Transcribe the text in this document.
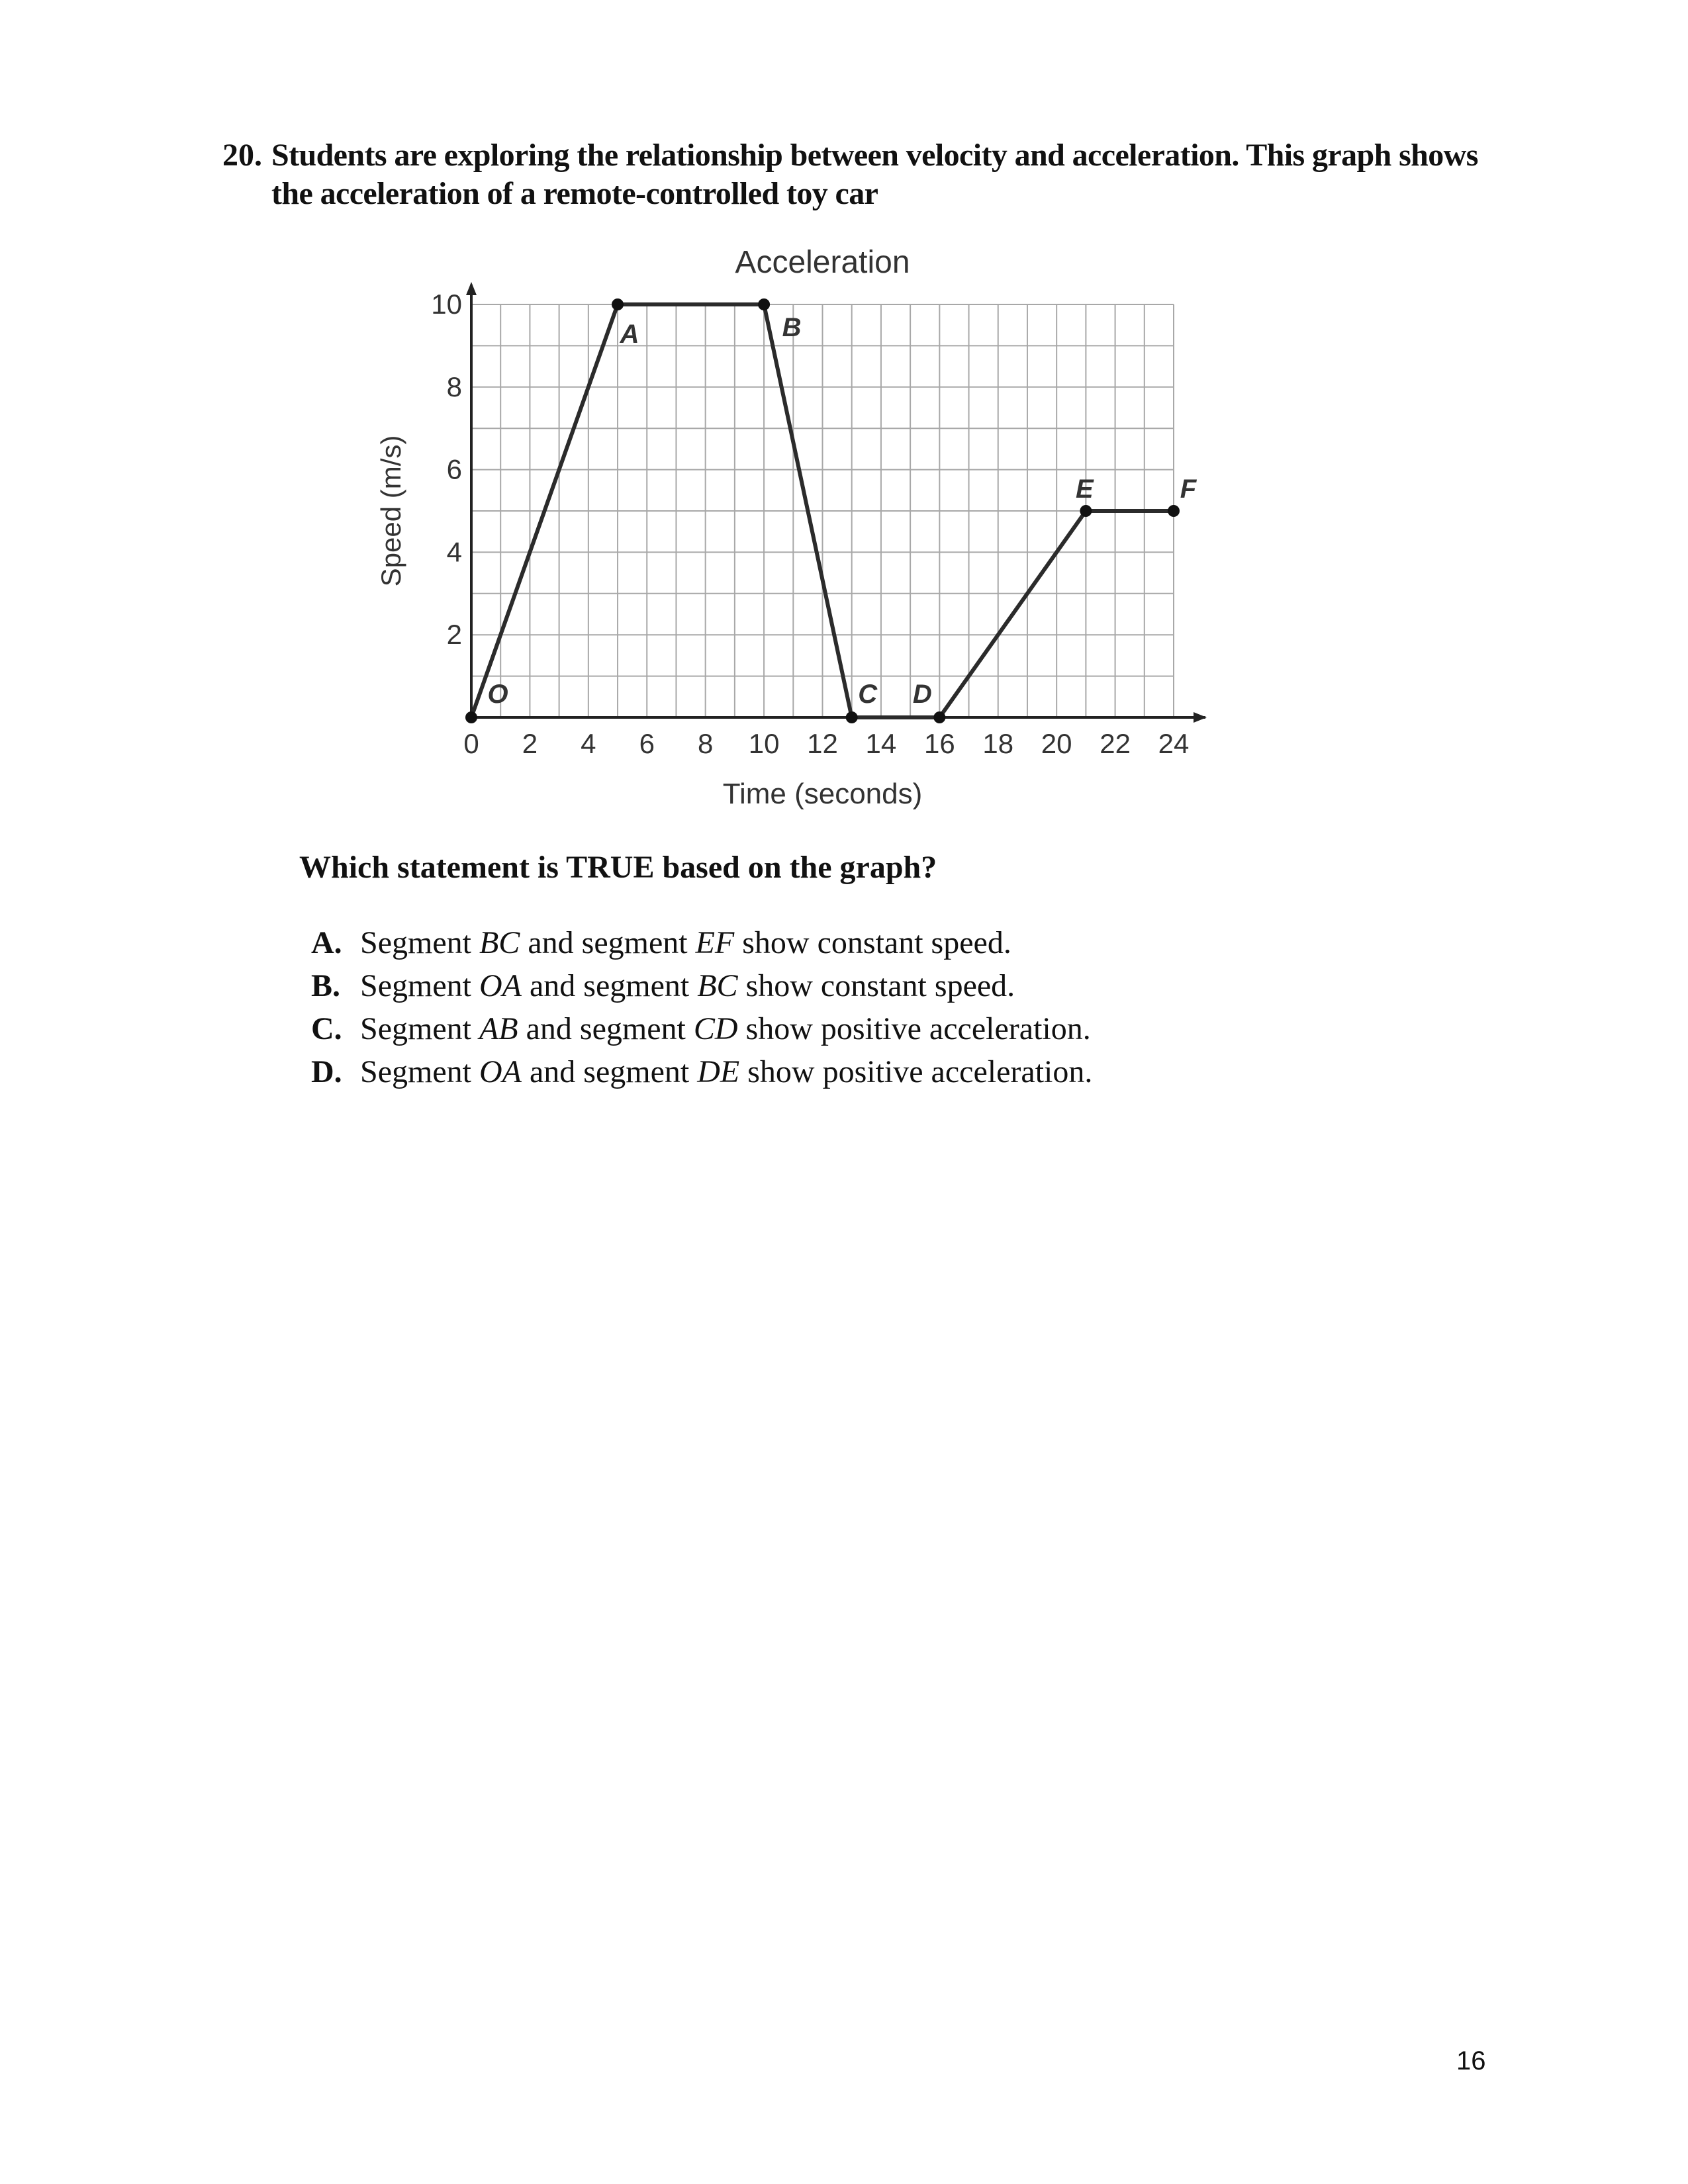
20. Students are exploring the relationship between velocity and acceleration. This graph shows the acceleration of a remote-controlled toy car
0 2 4 6 8 10 12 14 16 18 20 22 24
2
4
6
8
10
Acceleration
Time (seconds)
Speed (m/s)
O
A	B
C D
E	F
Which statement is TRUE based on the graph?
A. Segment BC and segment EF show constant speed.
B. Segment OA and segment BC show constant speed.
C. Segment AB and segment CD show positive acceleration.
D. Segment OA and segment DE show positive acceleration.
16
